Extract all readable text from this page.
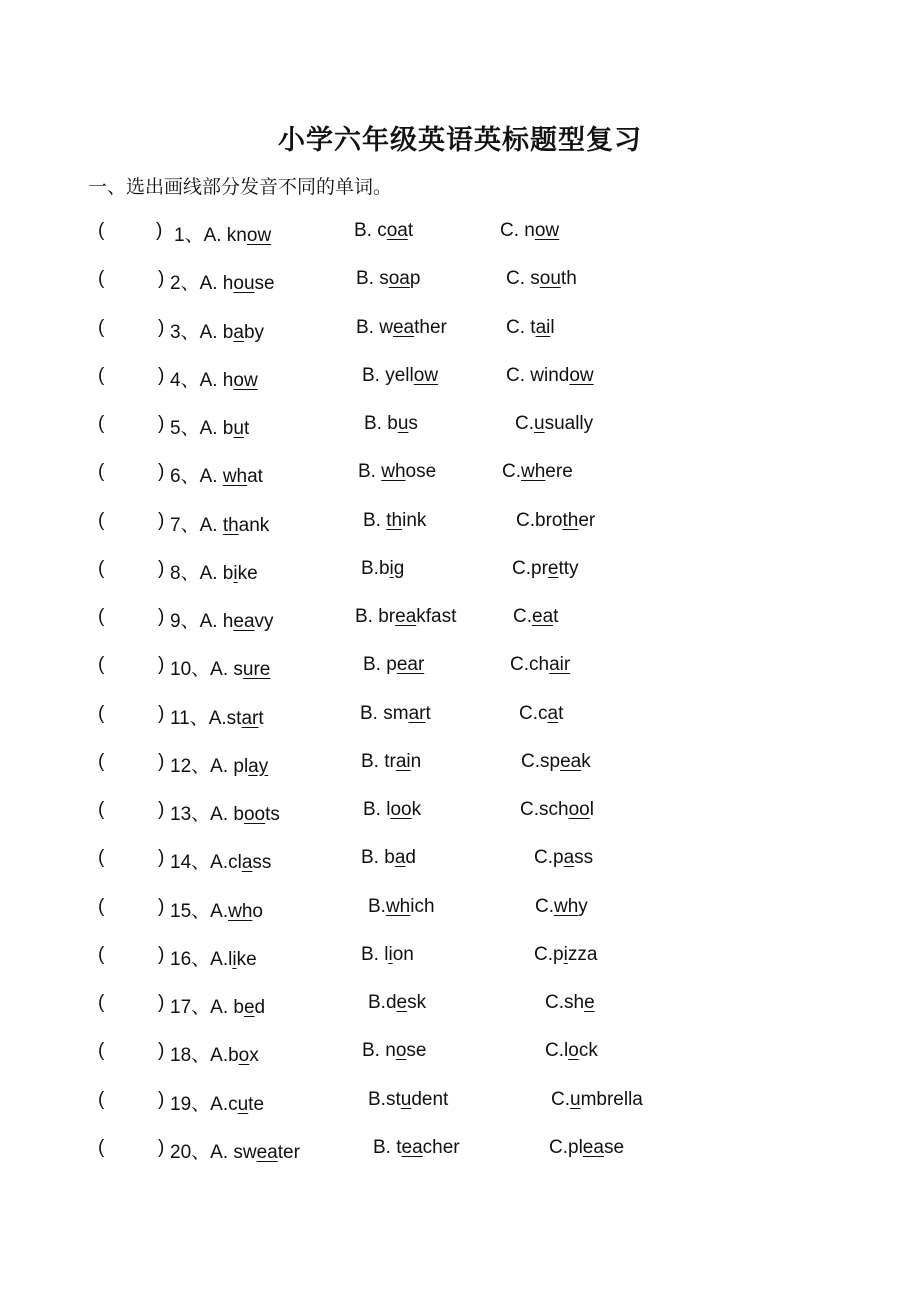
小学六年级英语英标题型复习
一、选出画线部分发音不同的单词。
(	) 1、A. know	B. coat	C. now
(	) 2、A. house	B. soap	C. south
(	) 3、A. baby	B. weather	C. tail
(	) 4、A. how	B. yellow	C. window
(	) 5、A. but	B. bus	C.usually
(	) 6、A. what	B. whose	C.where
(	) 7、A. thank	B. think	C.brother
(	) 8、A. bike	B.big	C.pretty
(	) 9、A. heavy	B. breakfast	C.eat
(	) 10、A. sure	B. pear	C.chair
(	) 11、A.start	B. smart	C.cat
(	) 12、A. play	B. train	C.speak
(	) 13、A. boots	B. look	C.school
(	) 14、A.class	B. bad	C.pass
(	) 15、A.who	B.which	C.why
(	) 16、A.like	B. lion	C.pizza
(	) 17、A. bed	B.desk	C.she
(	) 18、A.box	B. nose	C.lock
(	) 19、A.cute	B.student	C.umbrella
(	) 20、A. sweater	B. teacher	C.please
